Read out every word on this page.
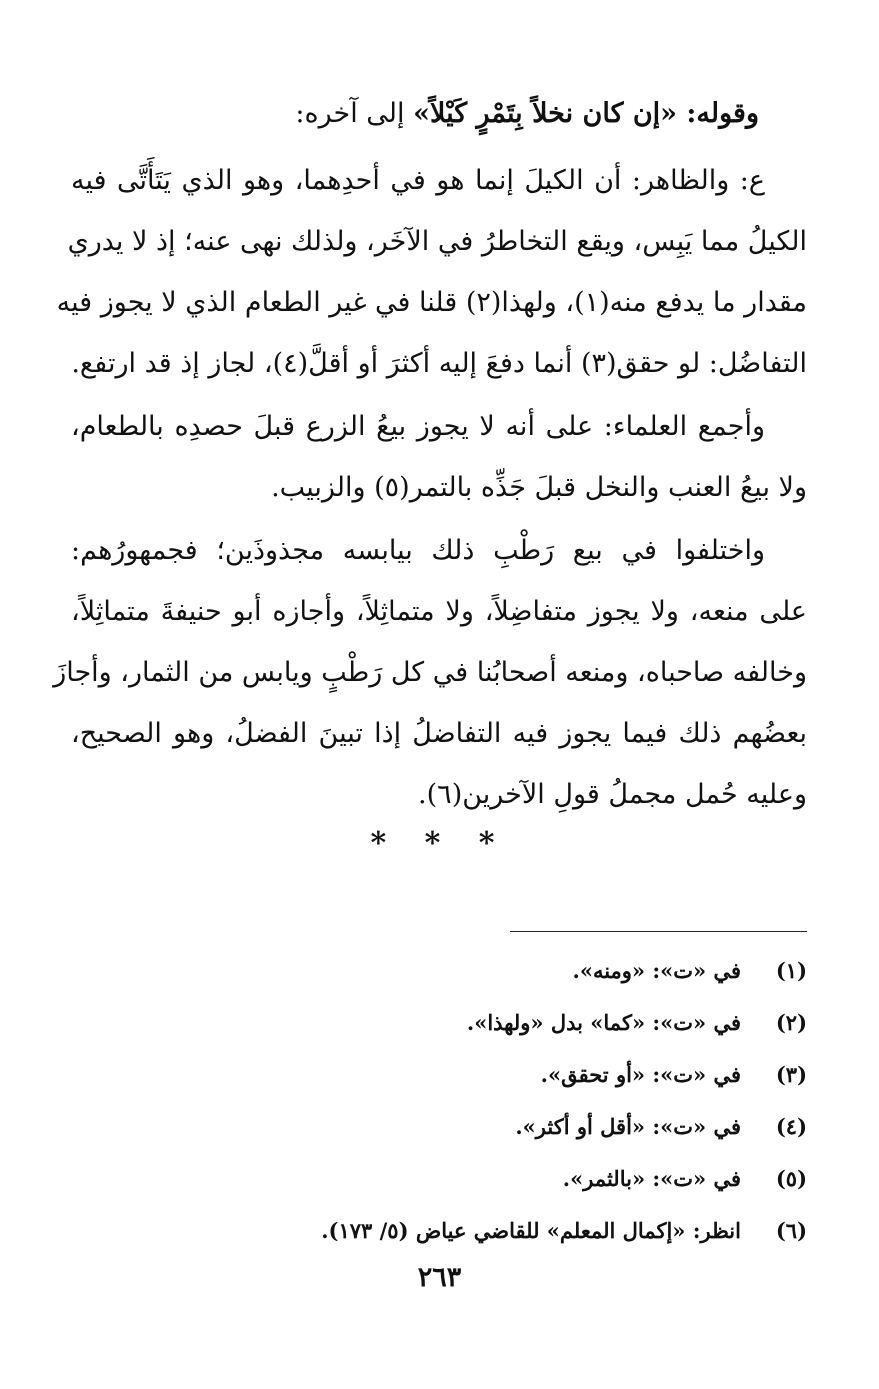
وقوله: «إن كان نخلاً بِتَمْرٍ كَيْلاً» إلى آخره:

ع: والظاهر: أن الكيلَ إنما هو في أحدِهما، وهو الذي يَتَأَتَّى فيه

الكيلُ مما يَبِس، ويقع التخاطرُ في الآخَر، ولذلك نهى عنه؛ إذ لا يدري

مقدار ما يدفع منه(١)، ولهذا(٢) قلنا في غير الطعام الذي لا يجوز فيه

التفاضُل: لو حقق(٣) أنما دفعَ إليه أكثرَ أو أقلَّ(٤)، لجاز إذ قد ارتفع.

وأجمع العلماء: على أنه لا يجوز بيعُ الزرع قبلَ حصدِه بالطعام،

ولا بيعُ العنب والنخل قبلَ جَذِّه بالتمر(٥) والزبيب.

واختلفوا في بيع رَطْبِ ذلك بيابسه مجذوذَين؛ فجمهورُهم:

على منعه، ولا يجوز متفاضِلاً، ولا متماثِلاً، وأجازه أبو حنيفةَ متماثِلاً،

وخالفه صاحباه، ومنعه أصحابُنا في كل رَطْبٍ ويابس من الثمار، وأجازَ

بعضُهم ذلك فيما يجوز فيه التفاضلُ إذا تبينَ الفضلُ، وهو الصحيح،

وعليه حُمل مجملُ قولِ الآخرين(٦).

* * *
(١)
في «ت»: «ومنه».
(٢)
في «ت»: «كما» بدل «ولهذا».
(٣)
في «ت»: «أو تحقق».
(٤)
في «ت»: «أقل أو أكثر».
(٥)
في «ت»: «بالثمر».
(٦)
انظر: «إكمال المعلم» للقاضي عياض (٥/ ١٧٣).
٢٦٣
